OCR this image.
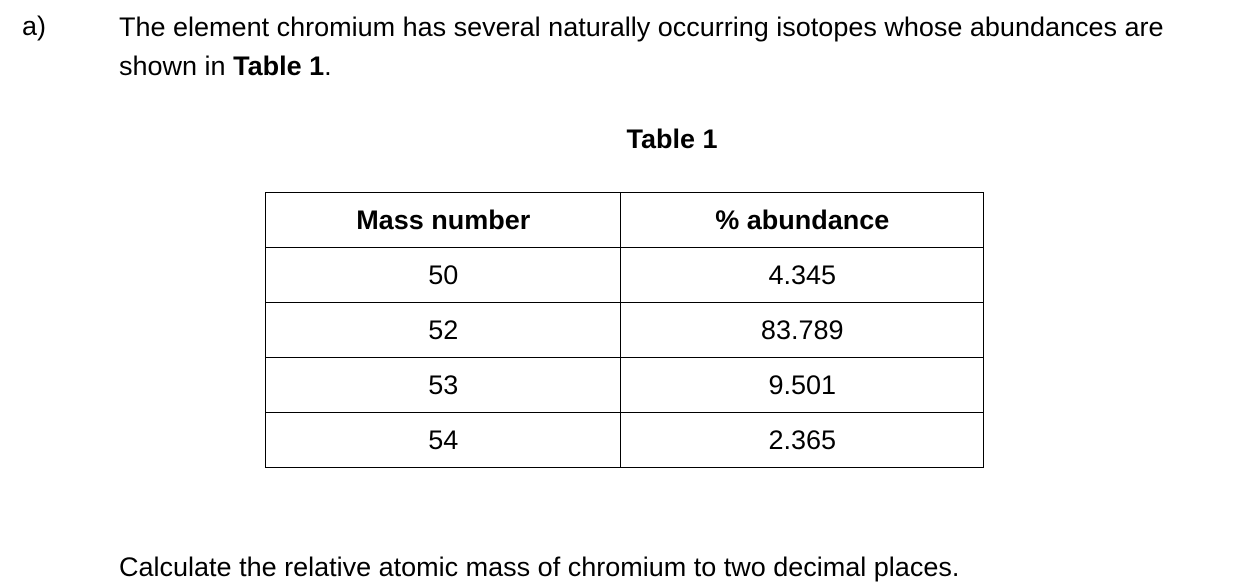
a)	The element chromium has several naturally occurring isotopes whose abundances are shown in Table 1.
Table 1
Mass number	% abundance
50	4.345
52	83.789
53	9.501
54	2.365
Calculate the relative atomic mass of chromium to two decimal places.
